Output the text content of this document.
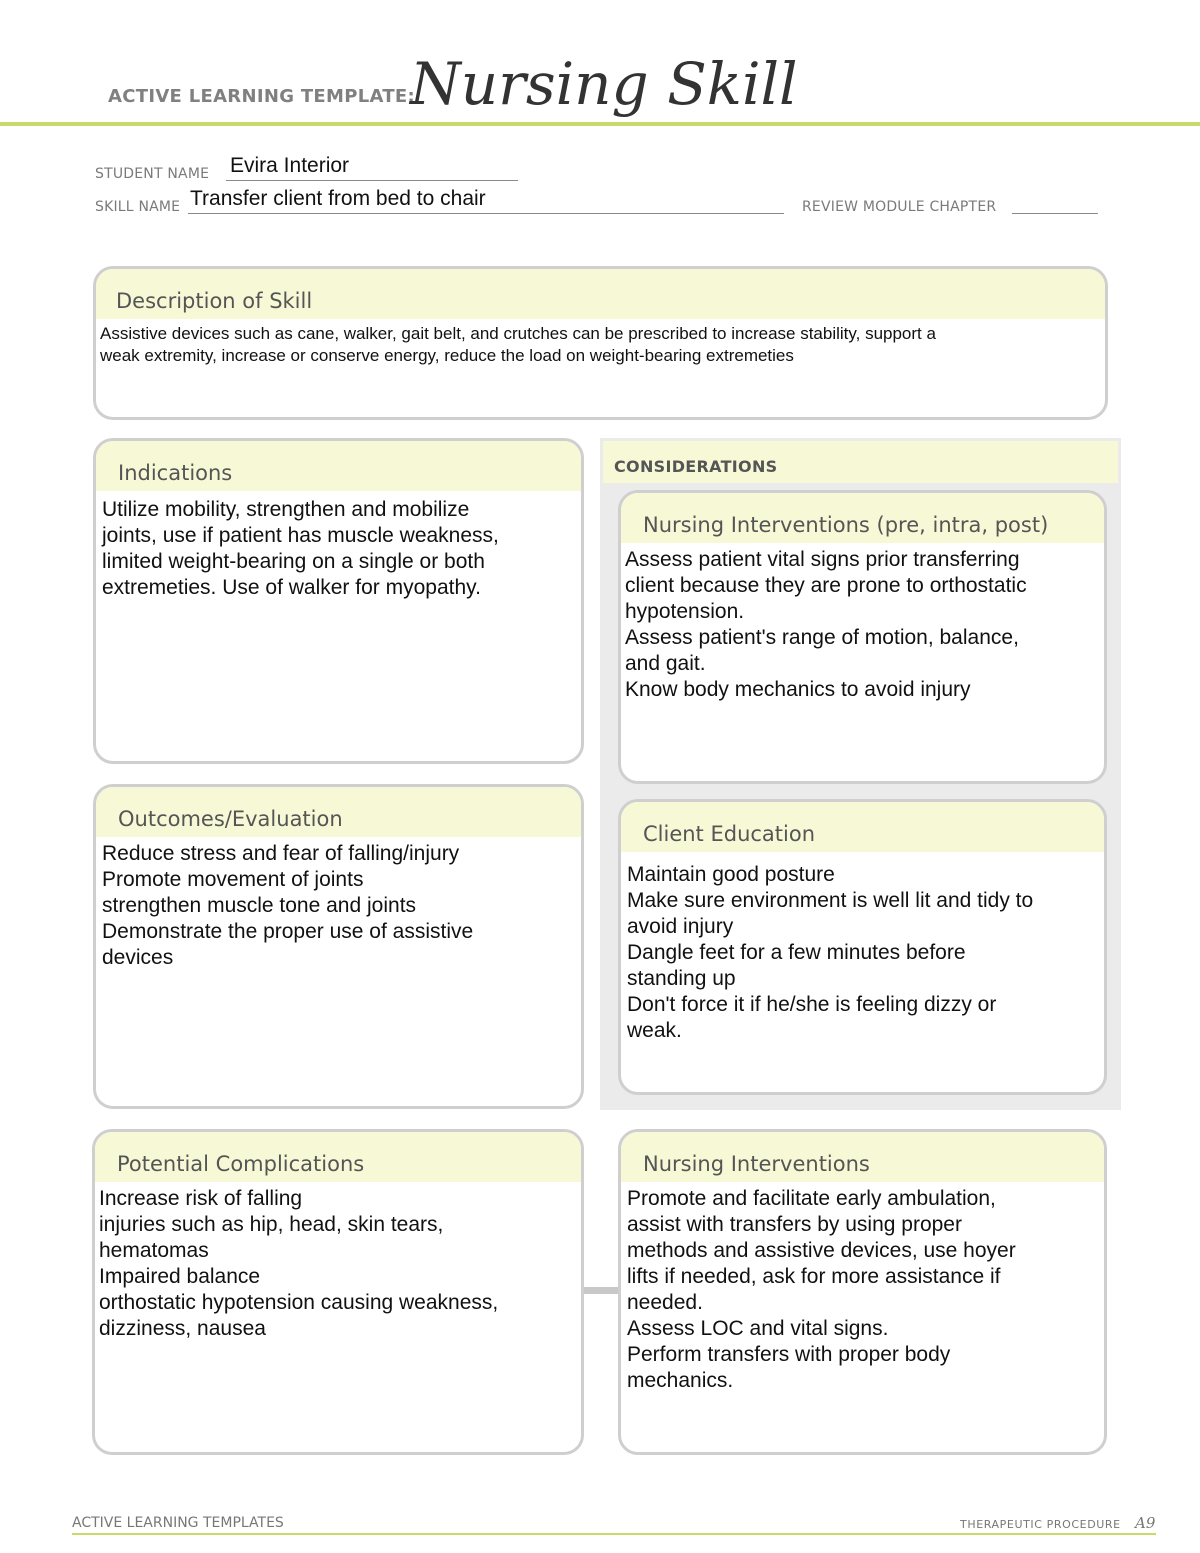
ACTIVE LEARNING TEMPLATE:
Nursing Skill
STUDENT NAME Evira Interior
SKILL NAME Transfer client from bed to chair	REVIEW MODULE CHAPTER
Description of Skill
Assistive devices such as cane, walker, gait belt, and crutches can be prescribed to increase stability, support a
weak extremity, increase or conserve energy, reduce the load on weight-bearing extremeties
CONSIDERATIONS
Indications
Utilize mobility, strengthen and mobilize
joints, use if patient has muscle weakness,
limited weight-bearing on a single or both
extremeties. Use of walker for myopathy.
Nursing Interventions (pre, intra, post)
Assess patient vital signs prior transferring
client because they are prone to orthostatic
hypotension.
Assess patient's range of motion, balance,
and gait.
Know body mechanics to avoid injury
Outcomes/Evaluation
Reduce stress and fear of falling/injury
Promote movement of joints
strengthen muscle tone and joints
Demonstrate the proper use of assistive
devices
Client Education
Maintain good posture
Make sure environment is well lit and tidy to
avoid injury
Dangle feet for a few minutes before
standing up
Don't force it if he/she is feeling dizzy or
weak.
Potential Complications
Increase risk of falling
injuries such as hip, head, skin tears,
hematomas
Impaired balance
orthostatic hypotension causing weakness,
dizziness, nausea
Nursing Interventions
Promote and facilitate early ambulation,
assist with transfers by using proper
methods and assistive devices, use hoyer
lifts if needed, ask for more assistance if
needed.
Assess LOC and vital signs.
Perform transfers with proper body
mechanics.
ACTIVE LEARNING TEMPLATES	THERAPEUTIC PROCEDURE A9
